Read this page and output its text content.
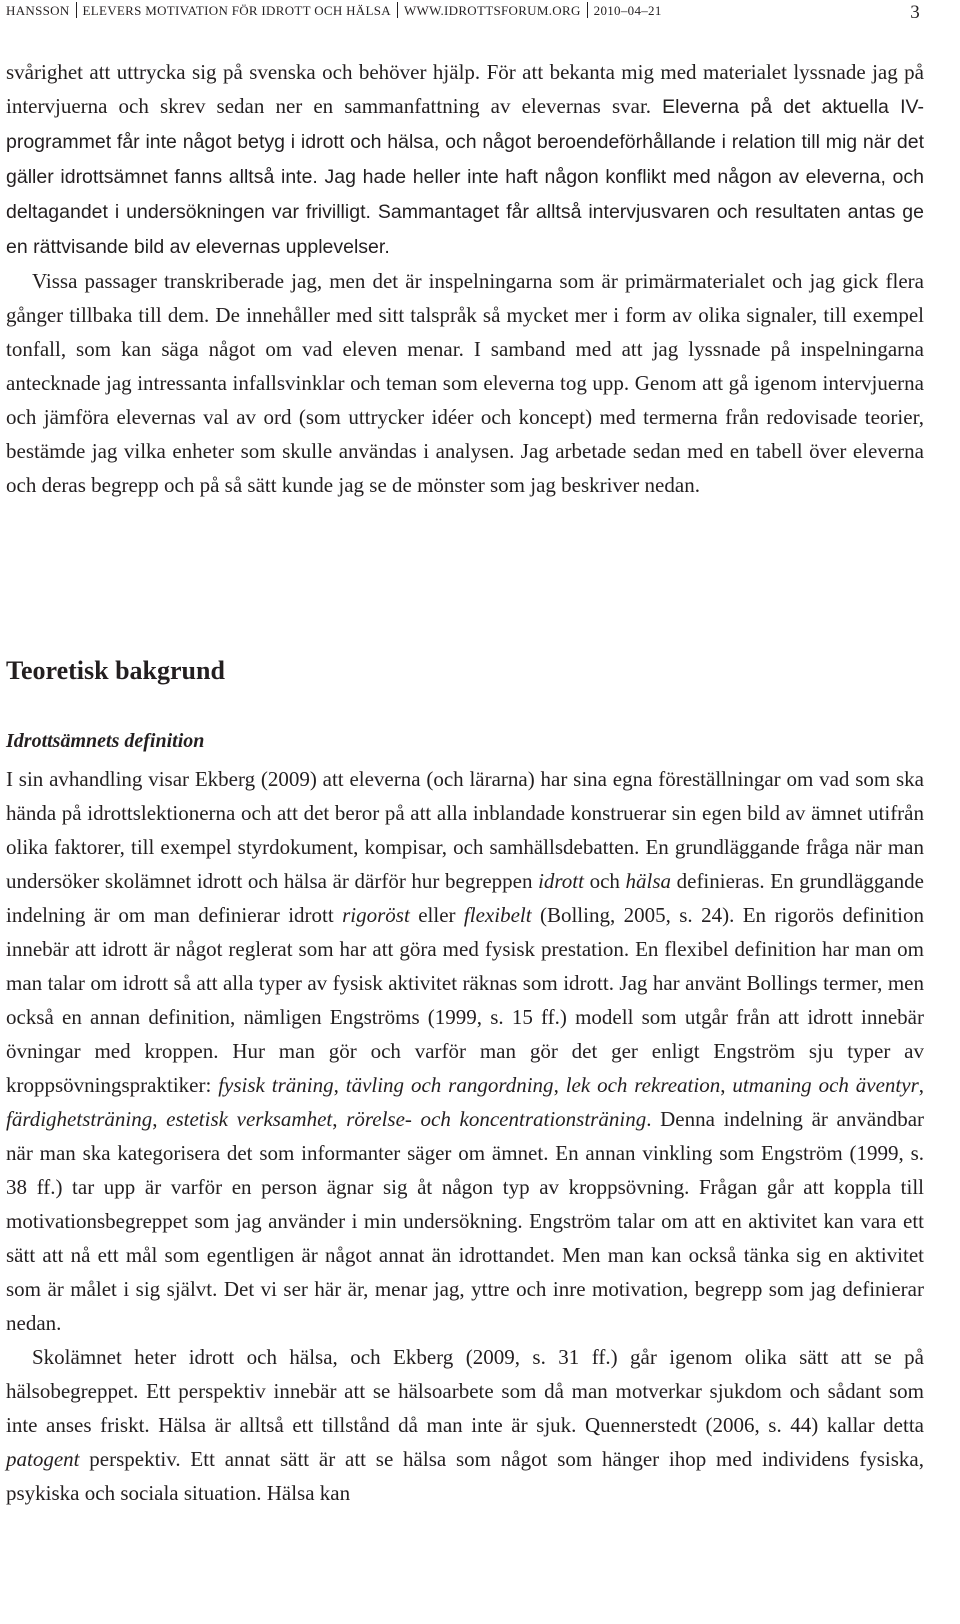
HANSSON ELEVERS MOTIVATION FÖR IDROTT OCH HÄLSA WWW.IDROTTSFORUM.ORG 2010–04–21	3

svårighet att uttrycka sig på svenska och behöver hjälp. För att bekanta mig med materialet lyssnade jag på intervjuerna och skrev sedan ner en sammanfattning av elevernas svar. Eleverna på det aktuella IV-programmet får inte något betyg i idrott och hälsa, och något beroendeförhållande i relation till mig när det gäller idrottsämnet fanns alltså inte. Jag hade heller inte haft någon konflikt med någon av eleverna, och deltagandet i undersökningen var frivilligt. Sammantaget får alltså intervjusvaren och resultaten antas ge en rättvisande bild av elevernas upplevelser.

Vissa passager transkriberade jag, men det är inspelningarna som är primärmaterialet och jag gick flera gånger tillbaka till dem. De innehåller med sitt talspråk så mycket mer i form av olika signaler, till exempel tonfall, som kan säga något om vad eleven menar. I samband med att jag lyssnade på inspelningarna antecknade jag intressanta infallsvinklar och teman som eleverna tog upp. Genom att gå igenom intervjuerna och jämföra elevernas val av ord (som uttrycker idéer och koncept) med termerna från redovisade teorier, bestämde jag vilka enheter som skulle användas i analysen. Jag arbetade sedan med en tabell över eleverna och deras begrepp och på så sätt kunde jag se de mönster som jag beskriver nedan.

Teoretisk bakgrund
Idrottsämnets definition

I sin avhandling visar Ekberg (2009) att eleverna (och lärarna) har sina egna föreställningar om vad som ska hända på idrottslektionerna och att det beror på att alla inblandade konstruerar sin egen bild av ämnet utifrån olika faktorer, till exempel styrdokument, kompisar, och samhällsdebatten. En grundläggande fråga när man undersöker skolämnet idrott och hälsa är därför hur begreppen idrott och hälsa definieras. En grundläggande indelning är om man definierar idrott rigoröst eller flexibelt (Bolling, 2005, s. 24). En rigorös definition innebär att idrott är något reglerat som har att göra med fysisk prestation. En flexibel definition har man om man talar om idrott så att alla typer av fysisk aktivitet räknas som idrott. Jag har använt Bollings termer, men också en annan definition, nämligen Engströms (1999, s. 15 ff.) modell som utgår från att idrott innebär övningar med kroppen. Hur man gör och varför man gör det ger enligt Engström sju typer av kroppsövningspraktiker: fysisk träning, tävling och rangordning, lek och rekreation, utmaning och äventyr, färdighetsträning, estetisk verksamhet, rörelse- och koncentrationsträning. Denna indelning är användbar när man ska kategorisera det som informanter säger om ämnet. En annan vinkling som Engström (1999, s. 38 ff.) tar upp är varför en person ägnar sig åt någon typ av kroppsövning. Frågan går att koppla till motivationsbegreppet som jag använder i min undersökning. Engström talar om att en aktivitet kan vara ett sätt att nå ett mål som egentligen är något annat än idrottandet. Men man kan också tänka sig en aktivitet som är målet i sig självt. Det vi ser här är, menar jag, yttre och inre motivation, begrepp som jag definierar nedan.

Skolämnet heter idrott och hälsa, och Ekberg (2009, s. 31 ff.) går igenom olika sätt att se på hälsobegreppet. Ett perspektiv innebär att se hälsoarbete som då man motverkar sjukdom och sådant som inte anses friskt. Hälsa är alltså ett tillstånd då man inte är sjuk. Quennerstedt (2006, s. 44) kallar detta patogent perspektiv. Ett annat sätt är att se hälsa som något som hänger ihop med individens fysiska, psykiska och sociala situation. Hälsa kan
